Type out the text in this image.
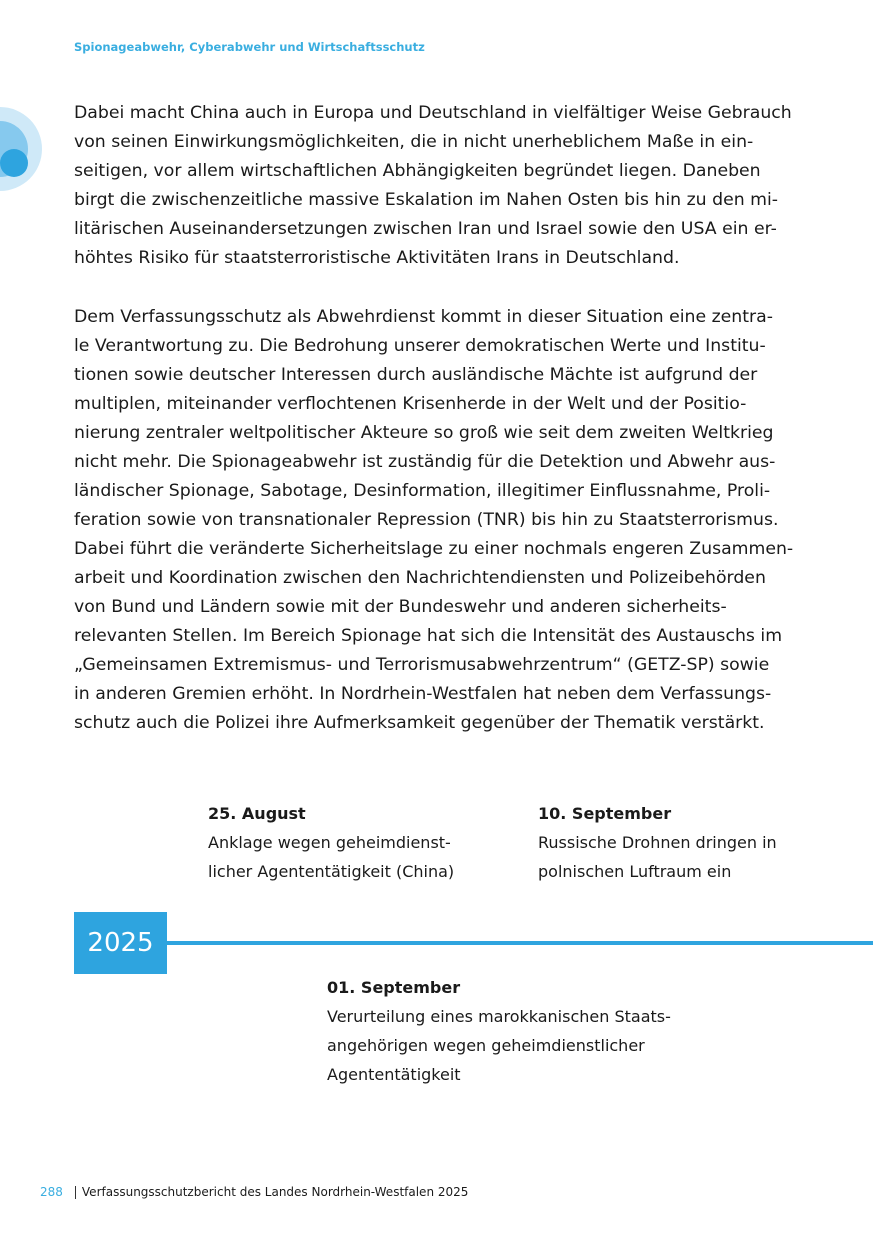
Spionageabwehr, Cyberabwehr und Wirtschaftsschutz
Dabei macht China auch in Europa und Deutschland in vielfältiger Weise Gebrauch
von seinen Einwirkungsmöglichkeiten, die in nicht unerheblichem Maße in ein-
seitigen, vor allem wirtschaftlichen Abhängigkeiten begründet liegen. Daneben
birgt die zwischenzeitliche massive Eskalation im Nahen Osten bis hin zu den mi-
litärischen Auseinandersetzungen zwischen Iran und Israel sowie den USA ein er-
höhtes Risiko für staatsterroristische Aktivitäten Irans in Deutschland.
Dem Verfassungsschutz als Abwehrdienst kommt in dieser Situation eine zentra-
le Verantwortung zu. Die Bedrohung unserer demokratischen Werte und Institu-
tionen sowie deutscher Interessen durch ausländische Mächte ist aufgrund der
multiplen, miteinander verflochtenen Krisenherde in der Welt und der Positio-
nierung zentraler weltpolitischer Akteure so groß wie seit dem zweiten Weltkrieg
nicht mehr. Die Spionageabwehr ist zuständig für die Detektion und Abwehr aus-
ländischer Spionage, Sabotage, Desinformation, illegitimer Einflussnahme, Proli-
feration sowie von transnationaler Repression (TNR) bis hin zu Staatsterrorismus.
Dabei führt die veränderte Sicherheitslage zu einer nochmals engeren Zusammen-
arbeit und Koordination zwischen den Nachrichtendiensten und Polizeibehörden
von Bund und Ländern sowie mit der Bundeswehr und anderen sicherheits-
relevanten Stellen. Im Bereich Spionage hat sich die Intensität des Austauschs im
„Gemeinsamen Extremismus- und Terrorismusabwehrzentrum“ (GETZ-SP) sowie
in anderen Gremien erhöht. In Nordrhein-Westfalen hat neben dem Verfassungs-
schutz auch die Polizei ihre Aufmerksamkeit gegenüber der Thematik verstärkt.
25. August
Anklage wegen geheimdienst-
licher Agententätigkeit (China)
10. September
Russische Drohnen dringen in
polnischen Luftraum ein
2025
01. September
Verurteilung eines marokkanischen Staats-
angehörigen wegen geheimdienstlicher
Agententätigkeit
288 Verfassungsschutzbericht des Landes Nordrhein-Westfalen 2025
